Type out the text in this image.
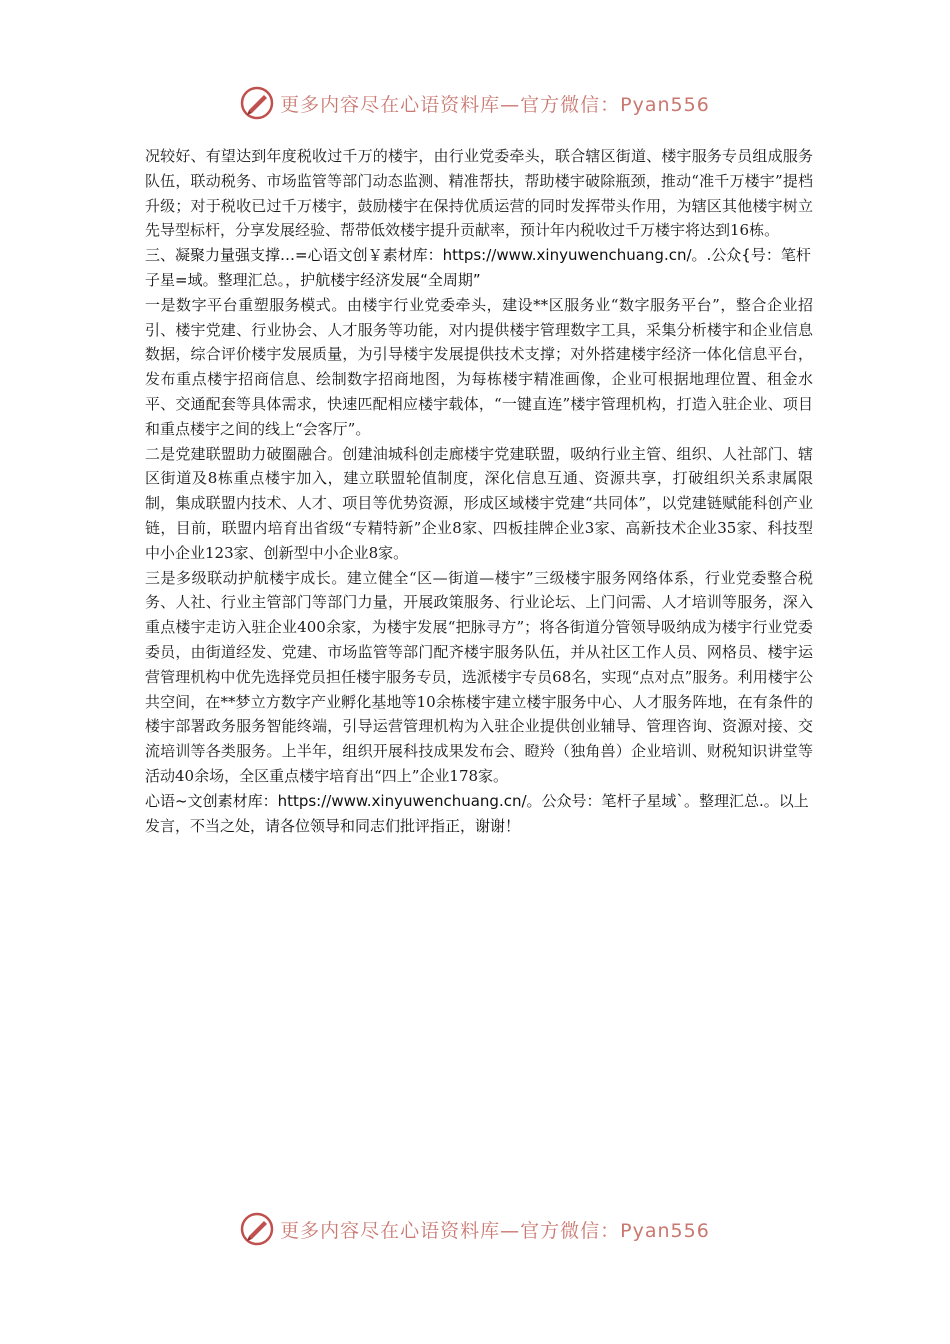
更多内容尽在心语资料库—官方微信：Pyan556

况较好、有望达到年度税收过千万的楼宇，由行业党委牵头，联合辖区街道、楼宇服务专员组成服务队伍，联动税务、市场监管等部门动态监测、精准帮扶，帮助楼宇破除瓶颈，推动“准千万楼宇”提档升级；对于税收已过千万楼宇，鼓励楼宇在保持优质运营的同时发挥带头作用，为辖区其他楼宇树立先导型标杆，分享发展经验、帮带低效楼宇提升贡献率，预计年内税收过千万楼宇将达到16栋。

三、凝聚力量强支撑…=心语文创￥素材库：https://www.xinyuwenchuang.cn/。.公众{号：笔杆子星=域。整理汇总。，护航楼宇经济发展“全周期”

一是数字平台重塑服务模式。由楼宇行业党委牵头，建设**区服务业“数字服务平台”，整合企业招引、楼宇党建、行业协会、人才服务等功能，对内提供楼宇管理数字工具，采集分析楼宇和企业信息数据，综合评价楼宇发展质量，为引导楼宇发展提供技术支撑；对外搭建楼宇经济一体化信息平台，发布重点楼宇招商信息、绘制数字招商地图，为每栋楼宇精准画像，企业可根据地理位置、租金水平、交通配套等具体需求，快速匹配相应楼宇载体，“一键直连”楼宇管理机构，打造入驻企业、项目和重点楼宇之间的线上“会客厅”。

二是党建联盟助力破圈融合。创建油城科创走廊楼宇党建联盟，吸纳行业主管、组织、人社部门、辖区街道及8栋重点楼宇加入，建立联盟轮值制度，深化信息互通、资源共享，打破组织关系隶属限制，集成联盟内技术、人才、项目等优势资源，形成区域楼宇党建“共同体”，以党建链赋能科创产业链，目前，联盟内培育出省级“专精特新”企业8家、四板挂牌企业3家、高新技术企业35家、科技型中小企业123家、创新型中小企业8家。

三是多级联动护航楼宇成长。建立健全“区—街道—楼宇”三级楼宇服务网络体系，行业党委整合税务、人社、行业主管部门等部门力量，开展政策服务、行业论坛、上门问需、人才培训等服务，深入重点楼宇走访入驻企业400余家，为楼宇发展“把脉寻方”；将各街道分管领导吸纳成为楼宇行业党委委员，由街道经发、党建、市场监管等部门配齐楼宇服务队伍，并从社区工作人员、网格员、楼宇运营管理机构中优先选择党员担任楼宇服务专员，选派楼宇专员68名，实现“点对点”服务。利用楼宇公共空间，在**梦立方数字产业孵化基地等10余栋楼宇建立楼宇服务中心、人才服务阵地，在有条件的楼宇部署政务服务智能终端，引导运营管理机构为入驻企业提供创业辅导、管理咨询、资源对接、交流培训等各类服务。上半年，组织开展科技成果发布会、瞪羚（独角兽）企业培训、财税知识讲堂等活动40余场，全区重点楼宇培育出“四上”企业178家。

心语~文创素材库：https://www.xinyuwenchuang.cn/。公众号：笔杆子星域`。整理汇总.。以上发言，不当之处，请各位领导和同志们批评指正，谢谢！

更多内容尽在心语资料库—官方微信：Pyan556
